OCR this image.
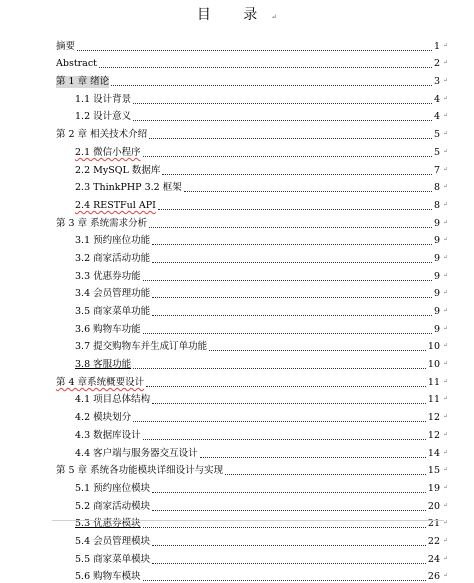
目 录↵
摘要	1 ↵
Abstract	2 ↵
第 1 章 绪论	3 ↵
1.1 设计背景	4 ↵
1.2 设计意义	4 ↵
第 2 章 相关技术介绍	5 ↵
2.1 微信小程序	5 ↵
2.2 MySQL 数据库	7 ↵
2.3 ThinkPHP 3.2 框架	8 ↵
2.4 RESTFul API	8 ↵
第 3 章 系统需求分析	9 ↵
3.1 预约座位功能	9 ↵
3.2 商家活动功能	9 ↵
3.3 优惠券功能	9 ↵
3.4 会员管理功能	9 ↵
3.5 商家菜单功能	9 ↵
3.6 购物车功能	9 ↵
3.7 提交购物车并生成订单功能	10 ↵
3.8 客服功能	10 ↵
第 4 章系统概要设计	11 ↵
4.1 项目总体结构	11 ↵
4.2 模块划分	12 ↵
4.3 数据库设计	12 ↵
4.4 客户端与服务器交互设计	14 ↵
第 5 章 系统各功能模块详细设计与实现	15 ↵
5.1 预约座位模块	19 ↵
5.2 商家活动模块	20 ↵
5.3 优惠券模块	21 ↵
5.4 会员管理模块	22 ↵
5.5 商家菜单模块	24 ↵
5.6 购物车模块	26 ↵
